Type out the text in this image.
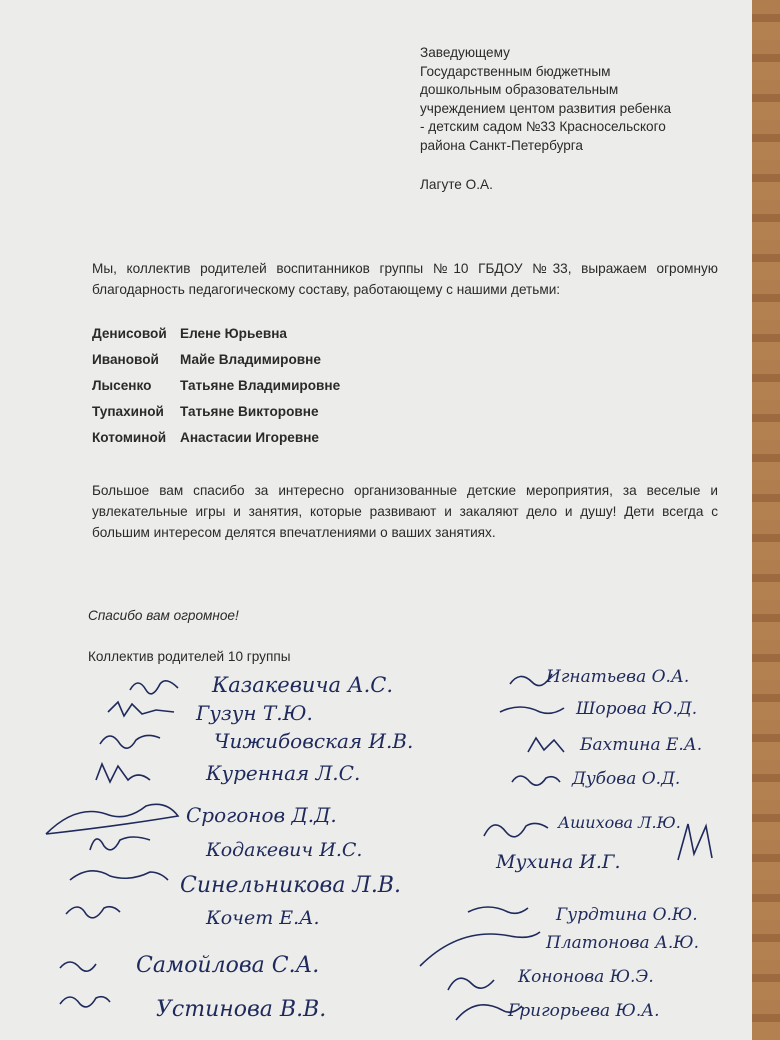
Заведующему
Государственным бюджетным
дошкольным образовательным
учреждением центом развития ребенка
- детским садом №33 Красносельского
района Санкт-Петербурга
Лагуте О.А.
Мы, коллектив родителей воспитанников группы №10 ГБДОУ №33, выражаем огромную благодарность педагогическому составу, работающему с нашими детьми:
Денисовой Елене Юрьевна
Ивановой	Майе Владимировне
Лысенко	Татьяне Владимировне
Тупахиной	Татьяне Викторовне
Котоминой	Анастасии Игоревне
Большое вам спасибо за интересно организованные детские мероприятия, за веселые и увлекательные игры и занятия, которые развивают и закаляют дело и душу! Дети всегда с большим интересом делятся впечатлениями о ваших занятиях.
Спасибо вам огромное!
Коллектив родителей 10 группы
Казакевича А.С.
Гузун Т.Ю.
Чижибовская И.В.
Куренная Л.С.
Срогонов Д.Д.
Кодакевич И.С.
Синельникова Л.В.
Кочет Е.А.
Самойлова С.А.
Устинова В.В.
Игнатьева О.А.
Шорова Ю.Д.
Бахтина Е.А.
Дубова О.Д.
Ашихова Л.Ю.
Мухина И.Г.
Гурдтина О.Ю.
Платонова А.Ю.
Кононова Ю.Э.
Григорьева Ю.А.
